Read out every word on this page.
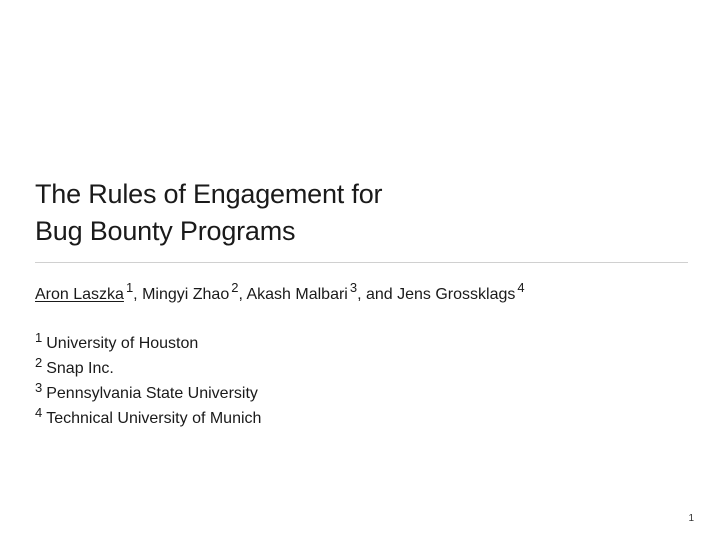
The Rules of Engagement for
Bug Bounty Programs
Aron Laszka $^1$, Mingyi Zhao $^2$, Akash Malbari $^3$, and Jens Grossklags $^4$
$^1$ University of Houston
$^2$ Snap Inc.
$^3$ Pennsylvania State University
$^4$ Technical University of Munich
1
